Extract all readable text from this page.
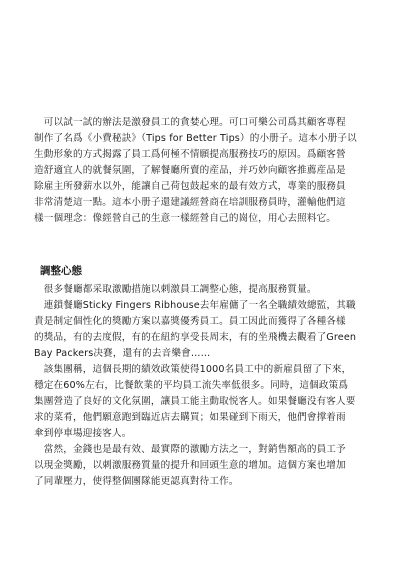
　可以試一試的辦法是激發員工的貪婪心理。可口可樂公司爲其顧客專程
制作了名爲《小費秘訣》（Tips for Better Tips）的小册子。這本小册子以
生動形象的方式揭露了員工爲何極不情願提高服務技巧的原因。爲顧客營
造舒適宜人的就餐氛圍，了解餐廳所賣的産品，并巧妙向顧客推薦産品是
除雇主所發薪水以外，能讓自己荷包鼓起來的最有效方式，專業的服務員
非常清楚這一點。這本小册子還建議經營商在培訓服務員時，灌輸他們這
樣一個理念：像經營自己的生意一樣經營自己的崗位，用心去照料它。
調整心態
　很多餐廳都采取激勵措施以刺激員工調整心態，提高服務質量。
　連鎖餐廳Sticky Fingers Ribhouse去年雇傭了一名全職績效總監，其職
責是制定個性化的獎勵方案以嘉獎優秀員工。員工因此而獲得了各種各樣
的獎品，有的去度假，有的在紐約享受長周末，有的坐飛機去觀看了Green
Bay Packers决賽，還有的去音樂會……
　該集團稱，這個長期的績效政策使得1000名員工中的新雇員留了下來，
穩定在60%左右，比餐飲業的平均員工流失率低很多。同時，這個政策爲
集團營造了良好的文化氛圍，讓員工能主動取悦客人。如果餐廳没有客人要
求的菜肴，他們願意跑到臨近店去購買；如果碰到下雨天，他們會撑着雨
傘到停車場迎接客人。
　當然，金錢也是最有效、最實際的激勵方法之一，對銷售額高的員工予
以現金獎勵，以刺激服務質量的提升和回頭生意的增加。這個方案也增加
了同輩壓力，使得整個團隊能更認真對待工作。
